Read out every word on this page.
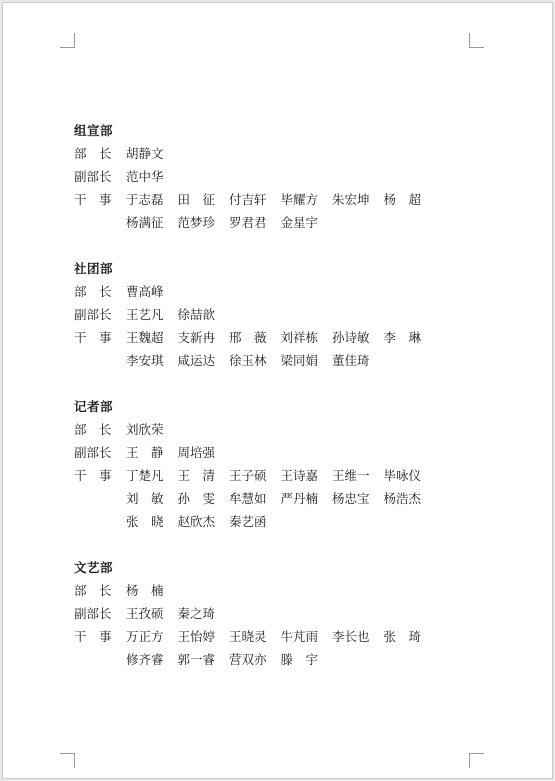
组宣部
部　长	胡静文
副部长	范中华
干　事	于志磊	田　征	付吉轩	毕耀方	朱宏坤	杨　超
杨满征	范梦珍	罗君君	金星宇
社团部
部　长	曹高峰
副部长	王艺凡	徐喆歆
干　事	王魏超	支新冉	邢　薇	刘祥栋	孙诗敏	李　琳
李安琪	咸运达	徐玉林	梁同娟	董佳琦
记者部
部　长	刘欣荣
副部长	王　静	周培强
干　事	丁楚凡	王　清	王子硕	王诗嘉	王维一	毕咏仪
刘　敏	孙　雯	牟慧如	严丹楠	杨忠宝	杨浩杰
张　晓	赵欣杰	秦艺函
文艺部
部　长	杨　楠
副部长	王孜硕	秦之琦
干　事	万正方	王怡婷	王晓灵	牛芃雨	李长也	张　琦
修齐睿	郭一睿	营双亦	滕　宇
